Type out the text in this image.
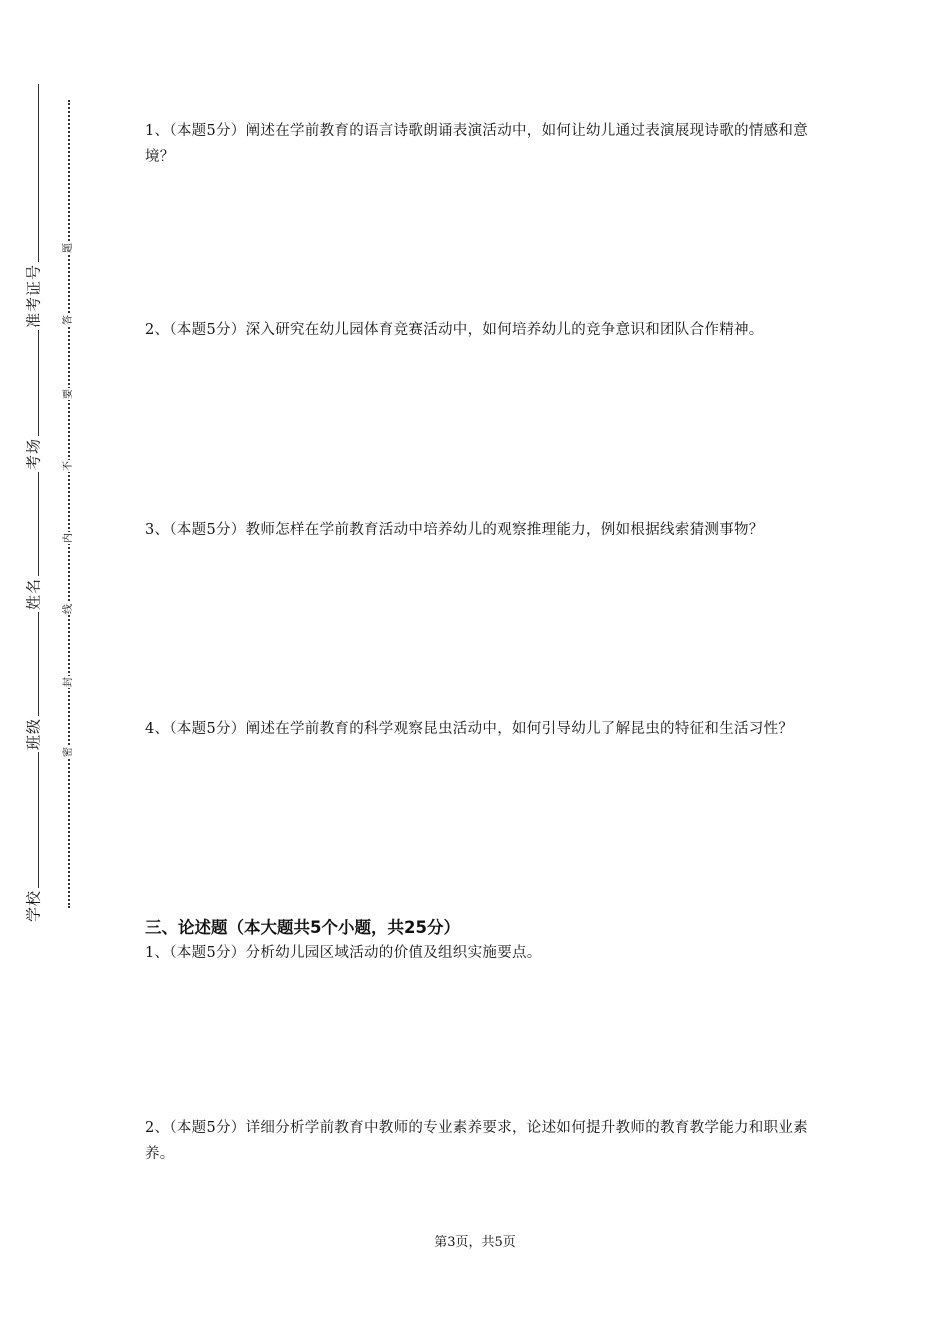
准考证号
考场
姓名
班级
学校
题
答
要
不
内
线
封
密
1、（本题5分）阐述在学前教育的语言诗歌朗诵表演活动中，如何让幼儿通过表演展现诗歌的情感和意境？
2、（本题5分）深入研究在幼儿园体育竞赛活动中，如何培养幼儿的竞争意识和团队合作精神。
3、（本题5分）教师怎样在学前教育活动中培养幼儿的观察推理能力，例如根据线索猜测事物？
4、（本题5分）阐述在学前教育的科学观察昆虫活动中，如何引导幼儿了解昆虫的特征和生活习性？
三、论述题（本大题共5个小题，共25分）
1、（本题5分）分析幼儿园区域活动的价值及组织实施要点。
2、（本题5分）详细分析学前教育中教师的专业素养要求，论述如何提升教师的教育教学能力和职业素养。
第3页，共5页
